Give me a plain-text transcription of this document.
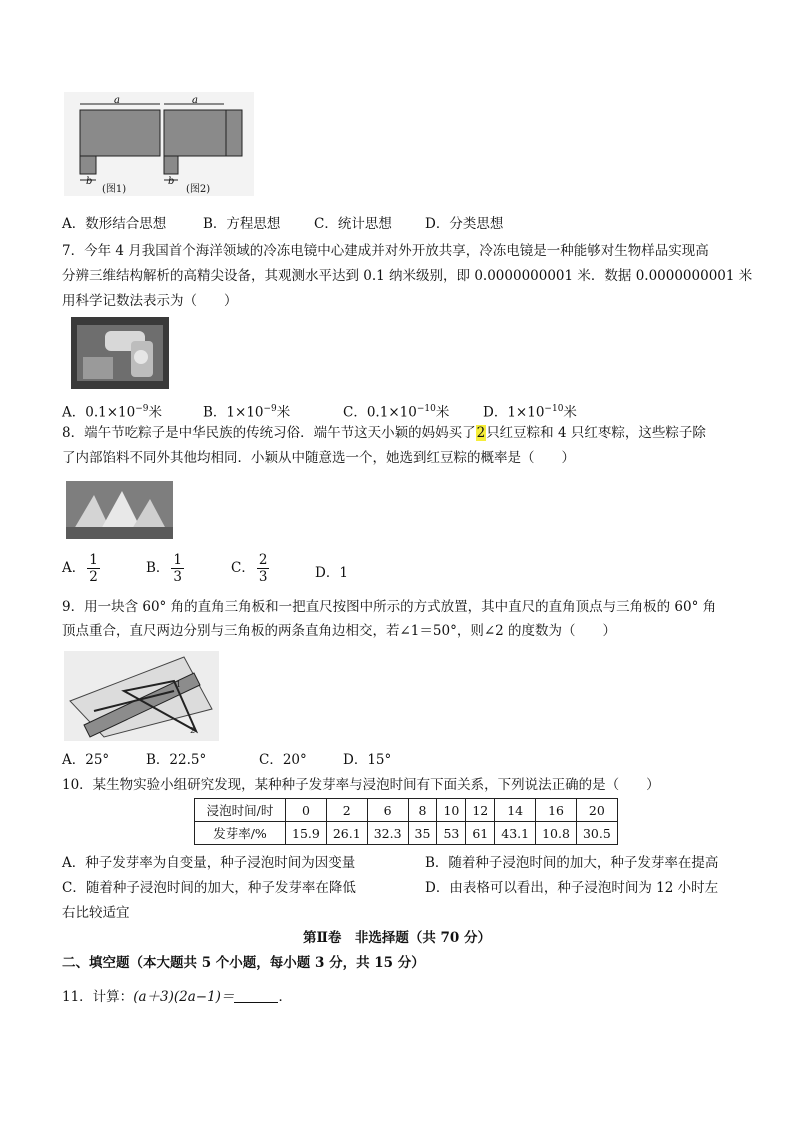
a	a
b	b
(图1)	(图2)
A．数形结合思想	B．方程思想 C．统计思想 D．分类思想
7．今年 4 月我国首个海洋领域的冷冻电镜中心建成并对外开放共享，冷冻电镜是一种能够对生物样品实现高
分辨三维结构解析的高精尖设备，其观测水平达到 0.1 纳米级别，即 0.0000000001 米．数据 0.0000000001 米
用科学记数法表示为（　　）
A．$0.1\times 10^{-9}$米	B．$1\times 10^{-9}$米	C．$0.1\times 10^{-10}$米 D．$1\times 10^{-10}$米
8．端午节吃粽子是中华民族的传统习俗．端午节这天小颖的妈妈买了2只红豆粽和 4 只红枣粽，这些粽子除
了内部馅料不同外其他均相同．小颖从中随意选一个，她选到红豆粽的概率是（　　）
A． $\frac{1}{2}$	B． $\frac{1}{3}$	C． $\frac{2}{3}$	D．1
9．用一块含 60° 角的直角三角板和一把直尺按图中所示的方式放置，其中直尺的直角顶点与三角板的 60° 角
顶点重合，直尺两边分别与三角板的两条直角边相交，若∠1＝50°，则∠2 的度数为（　　）
1
2
A．25°	B．22.5°	C．20°	D．15°
10．某生物实验小组研究发现，某种种子发芽率与浸泡时间有下面关系，下列说法正确的是（　　）
浸泡时间/时	0	2	6	8	10	12	14	16	20
发芽率/%	15.9	26.1	32.3	35	53	61	43.1	10.8	30.5
A．种子发芽率为自变量，种子浸泡时间为因变量	B．随着种子浸泡时间的加大，种子发芽率在提高
C．随着种子浸泡时间的加大，种子发芽率在降低	D．由表格可以看出，种子浸泡时间为 12 小时左
右比较适宜
第Ⅱ卷　非选择题（共 70 分）
二、填空题（本大题共 5 个小题，每小题 3 分，共 15 分）
11．计算：(a＋3)(2a−1)＝	．
